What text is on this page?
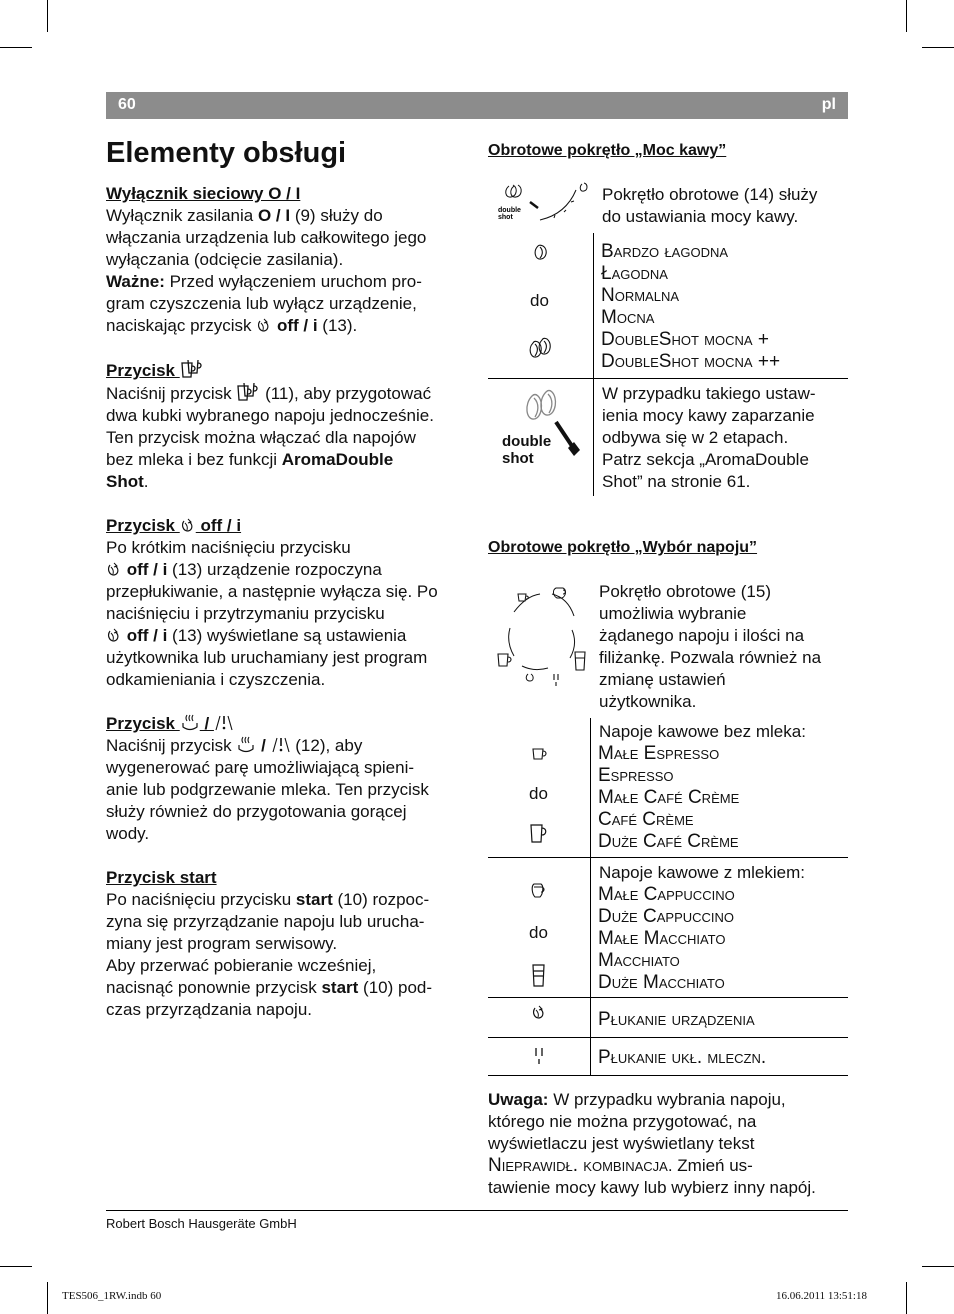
60	pl
Elementy obsługi

Wyłącznik sieciowy O / I

Wyłącznik zasilania O / I (9) służy do

włączania urządzenia lub całkowitego jego

wyłączania (odcięcie zasilania).

Ważne: Przed wyłączeniem uruchom pro-

gram czyszczenia lub wyłącz urządzenie,

naciskając przycisk  off / i (13).

Przycisk

Naciśnij przycisk  (11), aby przygotować

dwa kubki wybranego napoju jednocześnie.

Ten przycisk można włączać dla napojów

bez mleka i bez funkcji AromaDouble

Shot.

Przycisk  off / i

Po krótkim naciśnięciu przycisku

off / i (13) urządzenie rozpoczyna

przepłukiwanie, a następnie wyłącza się. Po

naciśnięciu i przytrzymaniu przycisku

off / i (13) wyświetlane są ustawienia

użytkownika lub uruchamiany jest program

odkamieniania i czyszczenia.

Przycisk  /

Naciśnij przycisk  /  (12), aby

wygenerować parę umożliwiającą spieni-

anie lub podgrzewanie mleka. Ten przycisk

służy również do przygotowania gorącej

wody.

Przycisk start

Po naciśnięciu przycisku start (10) rozpoc-

zyna się przyrządzanie napoju lub urucha-

miany jest program serwisowy.

Aby przerwać pobieranie wcześniej,

nacisnąć ponownie przycisk start (10) pod-

czas przyrządzania napoju.

Obrotowe pokrętło „Moc kawy”
double
shot
Pokrętło obrotowe (14) służy
do ustawiania mocy kawy.
do
Bardzo łagodna
Łagodna
Normalna
Mocna
DoubleShot mocna +
DoubleShot mocna ++
double
shot
W przypadku takiego ustaw-
ienia mocy kawy zaparzanie
odbywa się w 2 etapach.
Patrz sekcja „AromaDouble
Shot” na stronie 61.
Obrotowe pokrętło „Wybór napoju”
Pokrętło obrotowe (15)
umożliwia wybranie
żądanego napoju i ilości na
filiżankę. Pozwala również na
zmianę ustawień
użytkownika.
do
Napoje kawowe bez mleka:
Małe Espresso
Espresso
Małe Café Crème
Café Crème
Duże Café Crème
do
Napoje kawowe z mlekiem:
Małe Cappuccino
Duże Cappuccino
Małe Macchiato
Macchiato
Duże Macchiato
Płukanie urządzenia
Płukanie ukł. mleczn.
Uwaga: W przypadku wybrania napoju,
którego nie można przygotować, na
wyświetlaczu jest wyświetlany tekst
Nieprawidł. kombinacja. Zmień us-
tawienie mocy kawy lub wybierz inny napój.
Robert Bosch Hausgeräte GmbH
TES506_1RW.indb 60	16.06.2011 13:51:18
